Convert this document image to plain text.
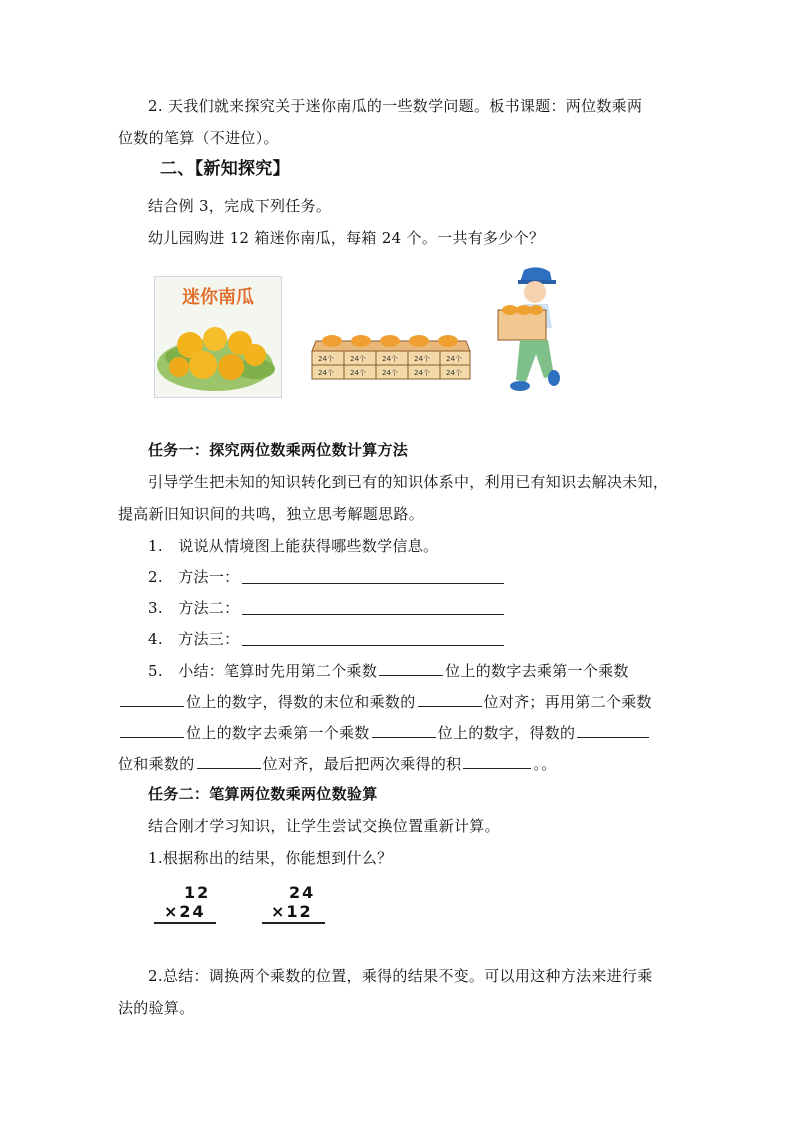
2. 天我们就来探究关于迷你南瓜的一些数学问题。板书课题：两位数乘两
位数的笔算（不进位）。
二、【新知探究】
结合例 3，完成下列任务。
幼儿园购进 12 箱迷你南瓜，每箱 24 个。一共有多少个？
迷你南瓜
24个 24个 24个 24个 24个
24个 24个 24个 24个 24个
任务一：探究两位数乘两位数计算方法
引导学生把未知的知识转化到已有的知识体系中，利用已有知识去解决未知，
提高新旧知识间的共鸣，独立思考解题思路。
1.　说说从情境图上能获得哪些数学信息。
2.　方法一：
3.　方法二：
4.　方法三：
5.　小结：笔算时先用第二个乘数	位上的数字去乘第一个乘数
位上的数字，得数的末位和乘数的	位对齐；再用第二个乘数
位上的数字去乘第一个乘数	位上的数字，得数的
位和乘数的	位对齐，最后把两次乘得的积	。。
任务二：笔算两位数乘两位数验算
结合刚才学习知识，让学生尝试交换位置重新计算。
1.根据称出的结果，你能想到什么？
12
×24
24
×12
2.总结：调换两个乘数的位置，乘得的结果不变。可以用这种方法来进行乘
法的验算。
